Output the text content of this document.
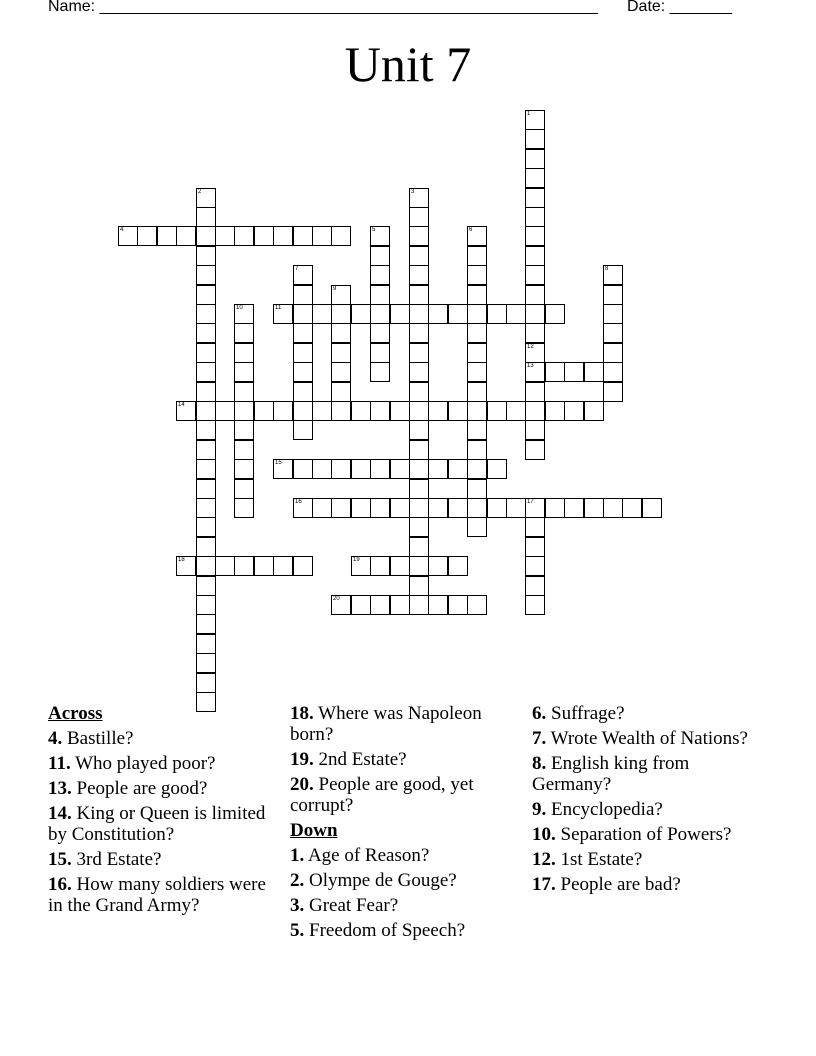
Name: ________________________________________________________ Date: _______
Unit 7
1
12
13
2	3
4	5	6
7	8
9
10	11
14
15
16	17
18	19
20
Across
4. Bastille?
11. Who played poor?
13. People are good?
14. King or Queen is limited by Constitution?
15. 3rd Estate?
16. How many soldiers were in the Grand Army?
18. Where was Napoleon born?
19. 2nd Estate?
20. People are good, yet corrupt?
Down
1. Age of Reason?
2. Olympe de Gouge?
3. Great Fear?
5. Freedom of Speech?
6. Suffrage?
7. Wrote Wealth of Nations?
8. English king from Germany?
9. Encyclopedia?
10. Separation of Powers?
12. 1st Estate?
17. People are bad?
